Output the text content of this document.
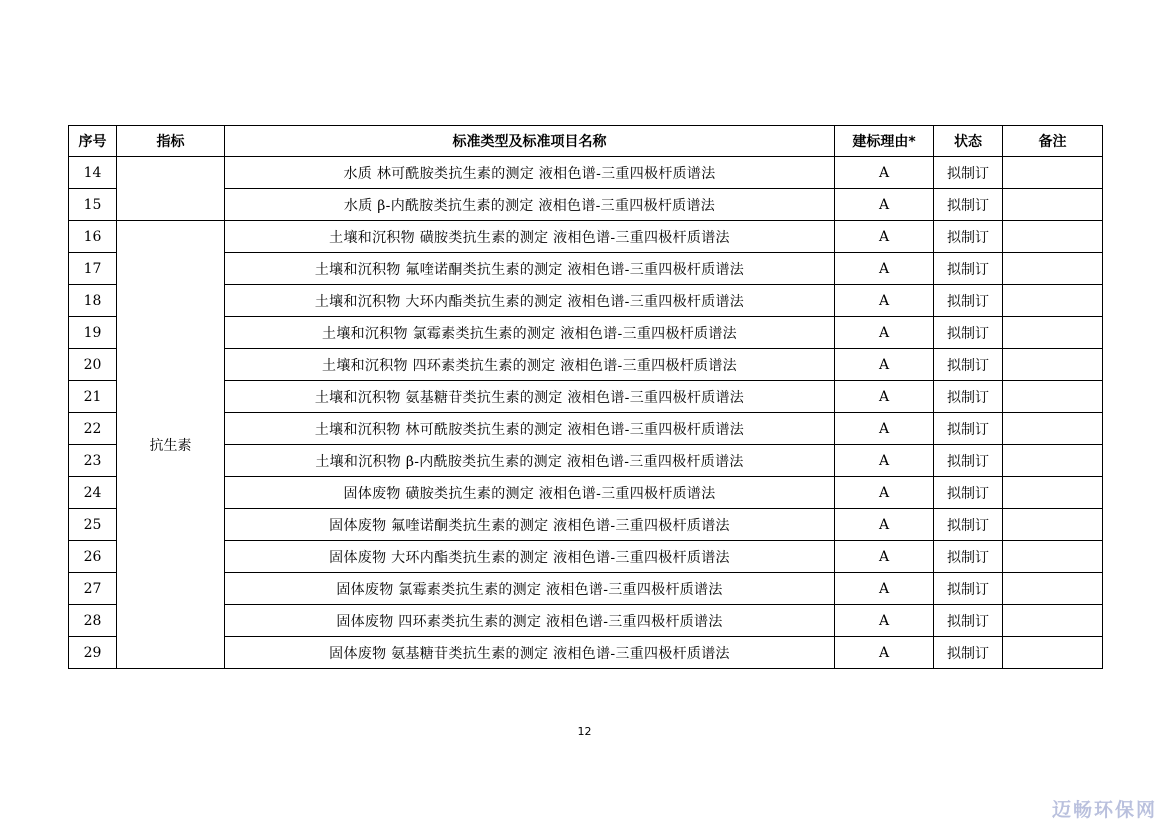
序号	指标	标准类型及标准项目名称	建标理由*	状态	备注
14		水质 林可酰胺类抗生素的测定 液相色谱-三重四极杆质谱法	A	拟制订	
15		水质 β-内酰胺类抗生素的测定 液相色谱-三重四极杆质谱法	A	拟制订	
16	抗生素	土壤和沉积物 磺胺类抗生素的测定 液相色谱-三重四极杆质谱法	A	拟制订	
17		土壤和沉积物 氟喹诺酮类抗生素的测定 液相色谱-三重四极杆质谱法	A	拟制订	
18		土壤和沉积物 大环内酯类抗生素的测定 液相色谱-三重四极杆质谱法	A	拟制订	
19		土壤和沉积物 氯霉素类抗生素的测定 液相色谱-三重四极杆质谱法	A	拟制订	
20		土壤和沉积物 四环素类抗生素的测定 液相色谱-三重四极杆质谱法	A	拟制订	
21		土壤和沉积物 氨基糖苷类抗生素的测定 液相色谱-三重四极杆质谱法	A	拟制订	
22		土壤和沉积物 林可酰胺类抗生素的测定 液相色谱-三重四极杆质谱法	A	拟制订	
23		土壤和沉积物 β-内酰胺类抗生素的测定 液相色谱-三重四极杆质谱法	A	拟制订	
24		固体废物 磺胺类抗生素的测定 液相色谱-三重四极杆质谱法	A	拟制订	
25		固体废物 氟喹诺酮类抗生素的测定 液相色谱-三重四极杆质谱法	A	拟制订	
26		固体废物 大环内酯类抗生素的测定 液相色谱-三重四极杆质谱法	A	拟制订	
27		固体废物 氯霉素类抗生素的测定 液相色谱-三重四极杆质谱法	A	拟制订	
28		固体废物 四环素类抗生素的测定 液相色谱-三重四极杆质谱法	A	拟制订	
29		固体废物 氨基糖苷类抗生素的测定 液相色谱-三重四极杆质谱法	A	拟制订	
12
迈畅环保网
